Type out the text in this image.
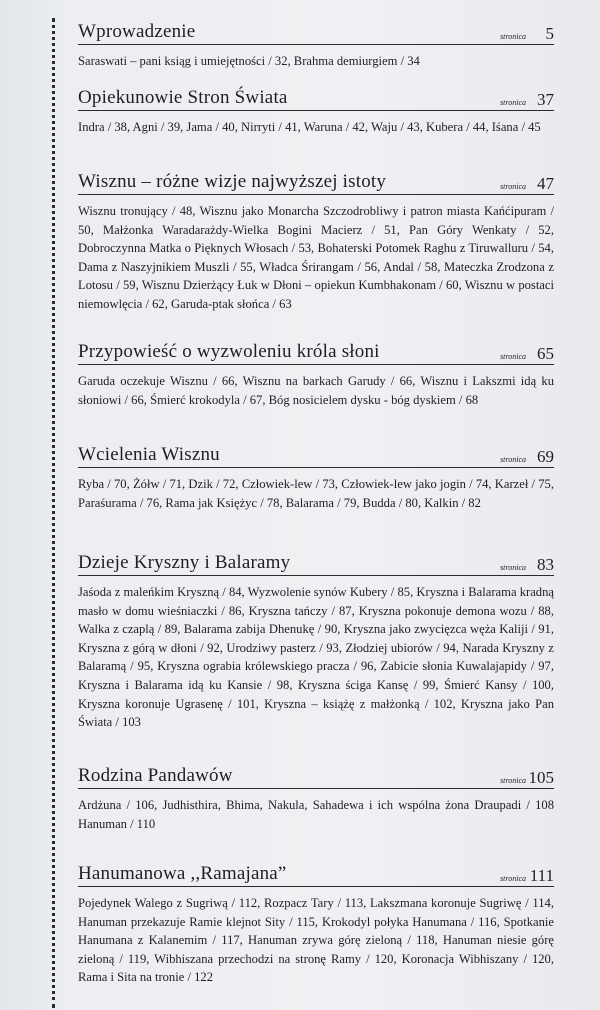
Wprowadzenie	stronica 5
Saraswati – pani ksiąg i umiejętności / 32, Brahma demiurgiem / 34
Opiekunowie Stron Świata	stronica 37
Indra / 38, Agni / 39, Jama / 40, Nirryti / 41, Waruna / 42, Waju / 43, Kubera / 44, Iśana / 45
Wisznu – różne wizje najwyższej istoty	stronica 47
Wisznu tronujący / 48, Wisznu jako Monarcha Szczodrobliwy i patron miasta Kańćipuram / 50, Małżonka Waradarażdy-Wielka Bogini Macierz / 51, Pan Góry Wenkaty / 52, Dobroczynna Matka o Pięknych Włosach / 53, Bohaterski Potomek Raghu z Tiruwalluru / 54, Dama z Naszyjnikiem Muszli / 55, Władca Śrirangam / 56, Andal / 58, Mateczka Zrodzona z Lotosu / 59, Wisznu Dzierżący Łuk w Dłoni – opiekun Kumbhakonam / 60, Wisznu w postaci niemowlęcia / 62, Garuda-ptak słońca / 63
Przypowieść o wyzwoleniu króla słoni	stronica 65
Garuda oczekuje Wisznu / 66, Wisznu na barkach Garudy / 66, Wisznu i Lakszmi idą ku słoniowi / 66, Śmierć krokodyla / 67, Bóg nosicielem dysku - bóg dyskiem / 68
Wcielenia Wisznu	stronica 69
Ryba / 70, Żółw / 71, Dzik / 72, Człowiek-lew / 73, Człowiek-lew jako jogin / 74, Karzeł / 75, Paraśurama / 76, Rama jak Księżyc / 78, Balarama / 79, Budda / 80, Kalkin / 82
Dzieje Kryszny i Balaramy	stronica 83
Jaśoda z maleńkim Kryszną / 84, Wyzwolenie synów Kubery / 85, Kryszna i Balarama kradną masło w domu wieśniaczki / 86, Kryszna tańczy / 87, Kryszna pokonuje demona wozu / 88, Walka z czaplą / 89, Balarama zabija Dhenukę / 90, Kryszna jako zwycięzca węża Kaliji / 91, Kryszna z górą w dłoni / 92, Urodziwy pasterz / 93, Złodziej ubiorów / 94, Narada Kryszny z Balaramą / 95, Kryszna ograbia królewskiego pracza / 96, Zabicie słonia Kuwalajapidy / 97, Kryszna i Balarama idą ku Kansie / 98, Kryszna ściga Kansę / 99, Śmierć Kansy / 100, Kryszna koronuje Ugrasenę / 101, Kryszna – książę z małżonką / 102, Kryszna jako Pan Świata / 103
Rodzina Pandawów	stronica 105
Ardżuna / 106, Judhisthira, Bhima, Nakula, Sahadewa i ich wspólna żona Draupadi / 108 Hanuman / 110
Hanumanowa ,,Ramajana”	stronica 111
Pojedynek Walego z Sugriwą / 112, Rozpacz Tary / 113, Lakszmana koronuje Sugriwę / 114, Hanuman przekazuje Ramie klejnot Sity / 115, Krokodyl połyka Hanumana / 116, Spotkanie Hanumana z Kalanemim / 117, Hanuman zrywa górę zieloną / 118, Hanuman niesie górę zieloną / 119, Wibhiszana przechodzi na stronę Ramy / 120, Koronacja Wibhiszany / 120, Rama i Sita na tronie / 122
